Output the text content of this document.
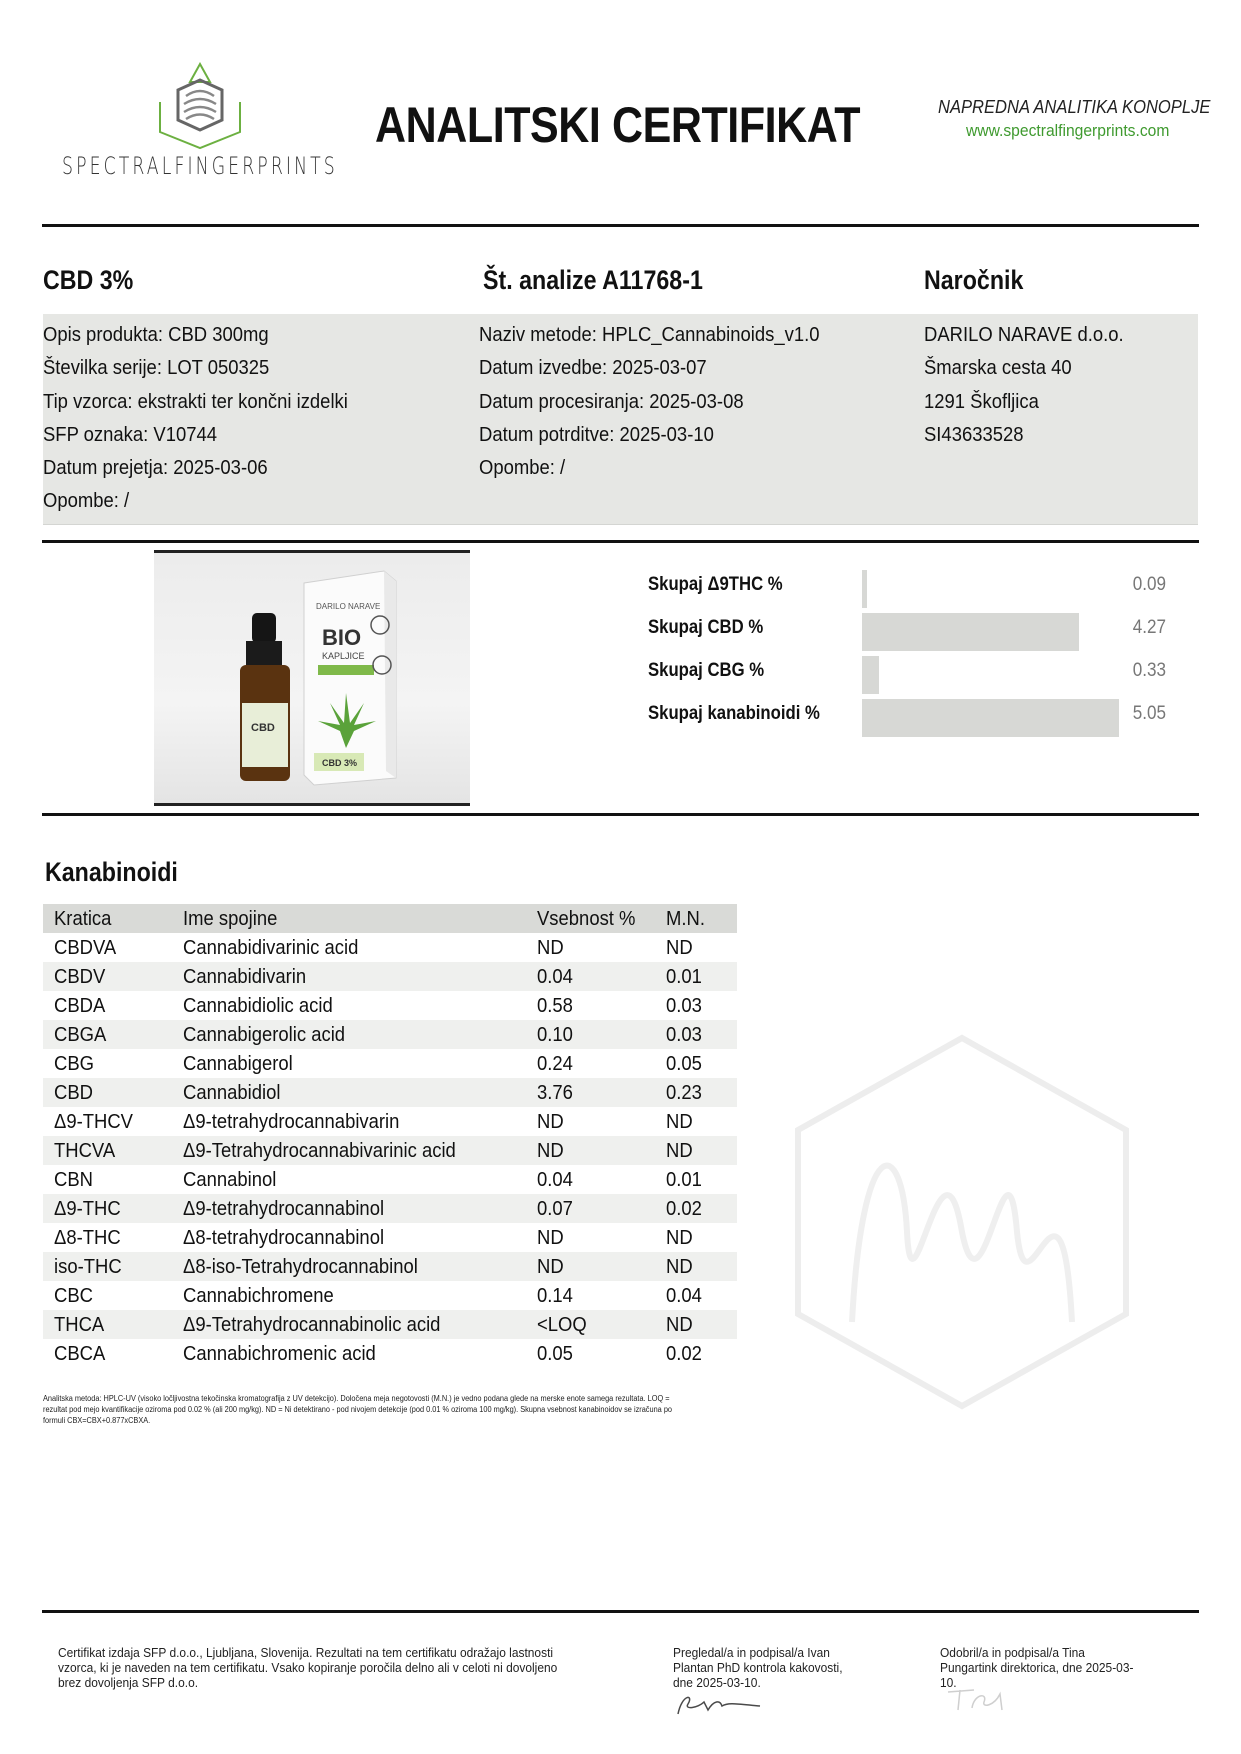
SPECTRALFINGERPRINTS
ANALITSKI CERTIFIKAT	NAPREDNA ANALITIKA KONOPLJE
www.spectralfingerprints.com
CBD 3%	Št. analize A11768-1	Naročnik
Opis produkta: CBD 300mg
Številka serije: LOT 050325
Tip vzorca: ekstrakti ter končni izdelki
SFP oznaka: V10744
Datum prejetja: 2025-03-06
Opombe: /
Naziv metode: HPLC_Cannabinoids_v1.0
Datum izvedbe: 2025-03-07
Datum procesiranja: 2025-03-08
Datum potrditve: 2025-03-10
Opombe: /
DARILO NARAVE d.o.o.
Šmarska cesta 40
1291 Škofljica
SI43633528
DARILO NARAVE
BIO
KAPLJICE
CBD 3%
CBD
Skupaj Δ9THC %	0.09
Skupaj CBD %	4.27
Skupaj CBG %	0.33
Skupaj kanabinoidi %	5.05
Kanabinoidi
Kratica	Ime spojine	Vsebnost %	M.N.
CBDVA	Cannabidivarinic acid	ND	ND
CBDV	Cannabidivarin	0.04	0.01
CBDA	Cannabidiolic acid	0.58	0.03
CBGA	Cannabigerolic acid	0.10	0.03
CBG	Cannabigerol	0.24	0.05
CBD	Cannabidiol	3.76	0.23
Δ9-THCV	Δ9-tetrahydrocannabivarin	ND	ND
THCVA	Δ9-Tetrahydrocannabivarinic acid	ND	ND
CBN	Cannabinol	0.04	0.01
Δ9-THC	Δ9-tetrahydrocannabinol	0.07	0.02
Δ8-THC	Δ8-tetrahydrocannabinol	ND	ND
iso-THC	Δ8-iso-Tetrahydrocannabinol	ND	ND
CBC	Cannabichromene	0.14	0.04
THCA	Δ9-Tetrahydrocannabinolic acid	<LOQ	ND
CBCA	Cannabichromenic acid	0.05	0.02
Analitska metoda: HPLC-UV (visoko ločljivostna tekočinska kromatografija z UV detekcijo). Določena meja negotovosti (M.N.) je vedno podana glede na merske enote samega rezultata. LOQ = rezultat pod mejo kvantifikacije oziroma pod 0.02 % (ali 200 mg/kg). ND = Ni detektirano - pod nivojem detekcije (pod 0.01 % oziroma 100 mg/kg). Skupna vsebnost kanabinoidov se izračuna po formuli CBX=CBX+0.877xCBXA.
Certifikat izdaja SFP d.o.o., Ljubljana, Slovenija. Rezultati na tem certifikatu odražajo lastnosti vzorca, ki je naveden na tem certifikatu. Vsako kopiranje poročila delno ali v celoti ni dovoljeno brez dovoljenja SFP d.o.o.
Pregledal/a in podpisal/a Ivan Plantan PhD kontrola kakovosti, dne 2025-03-10.
Odobril/a in podpisal/a Tina Pungartink direktorica, dne 2025-03-10.
